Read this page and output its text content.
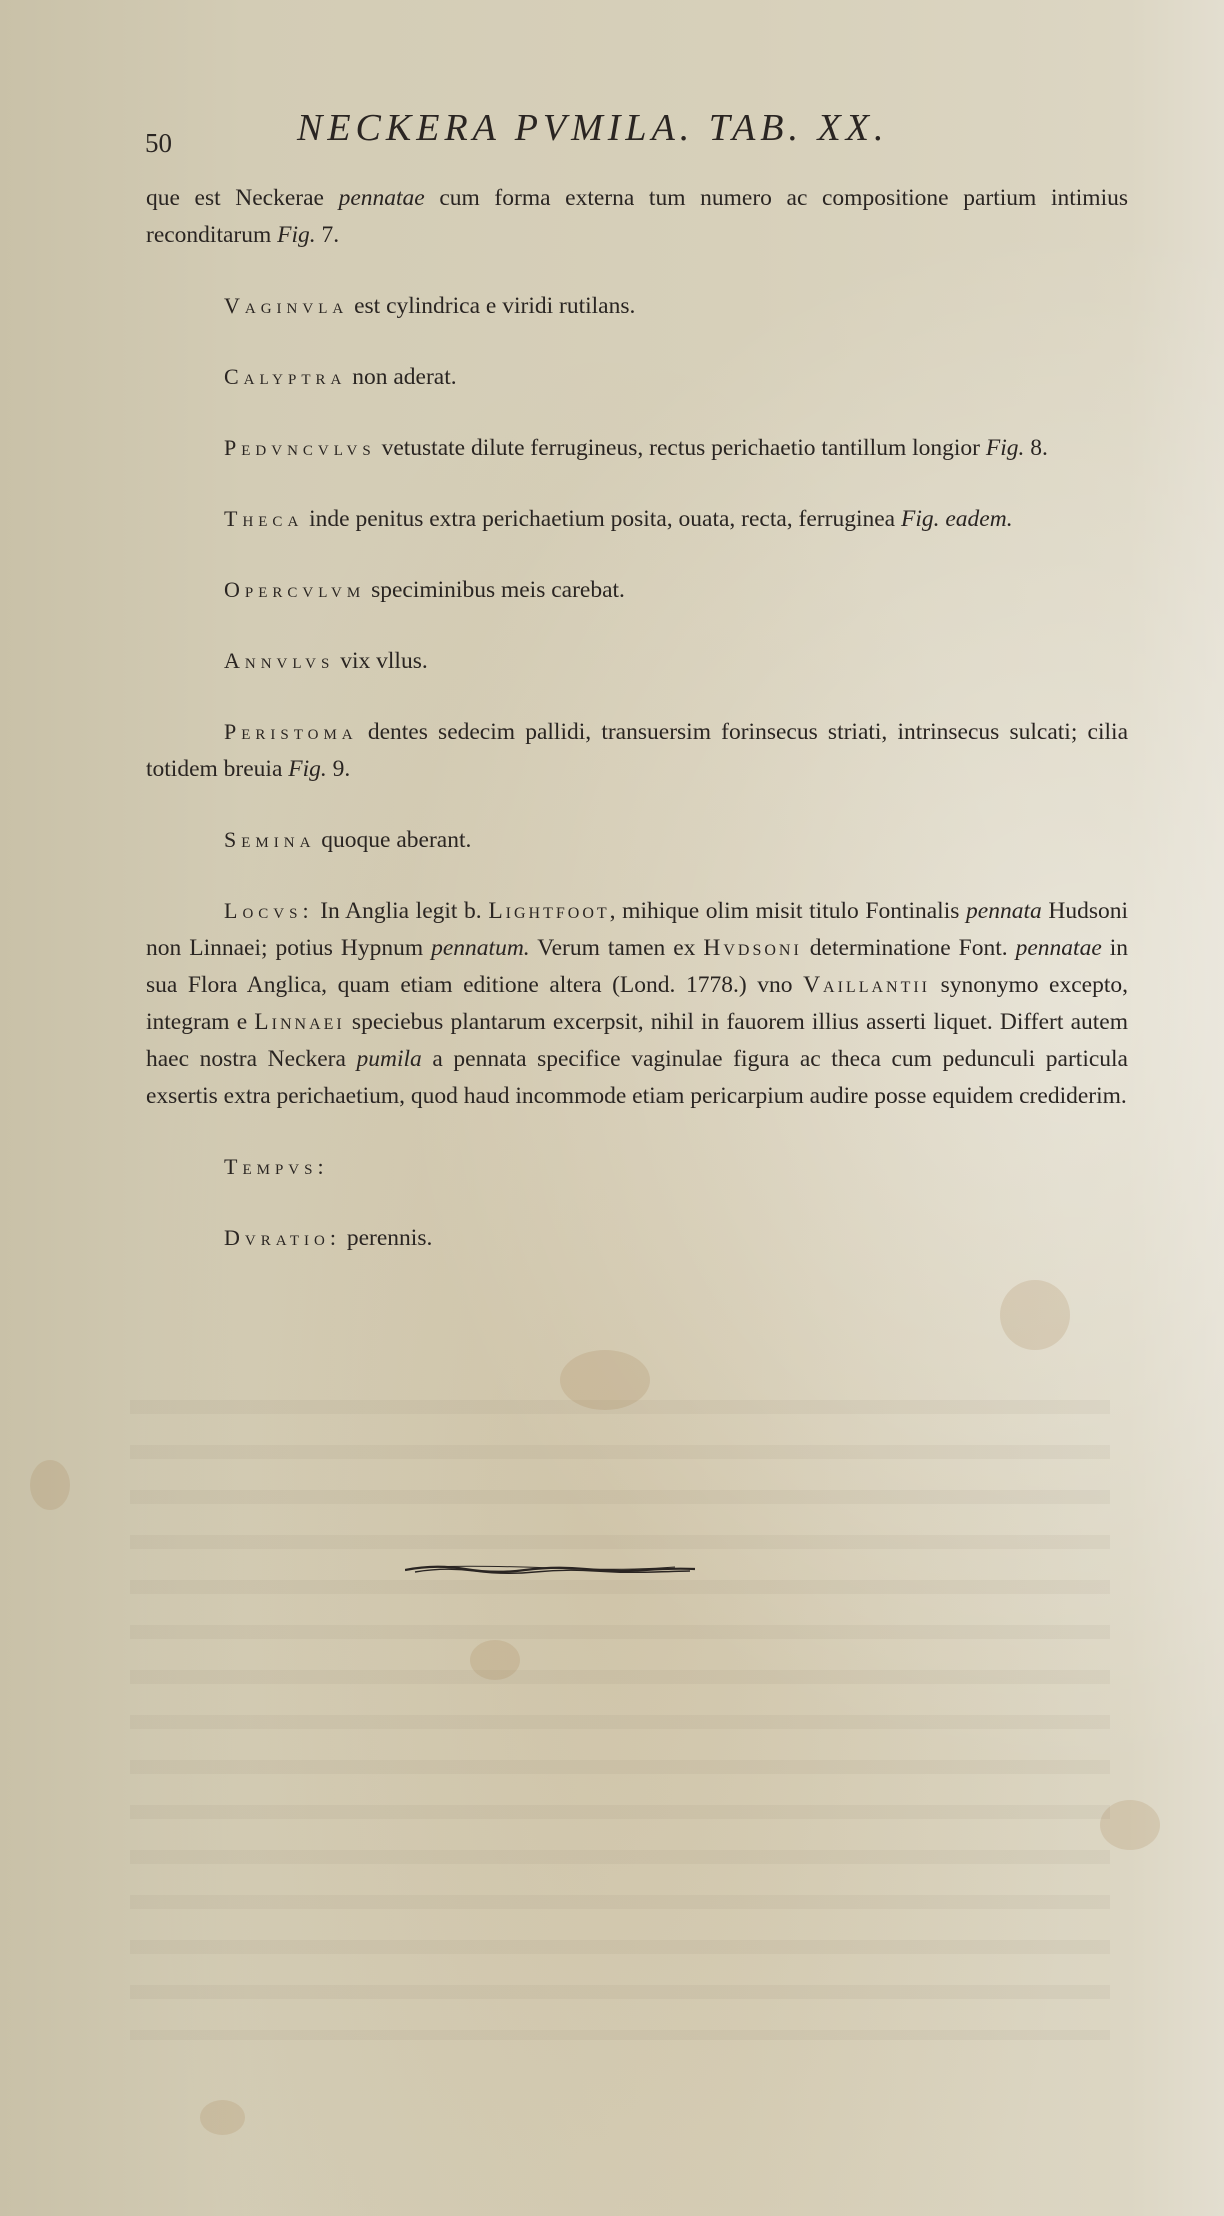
50	NECKERA PVMILA. TAB. XX.

que est Neckerae pennatae cum forma externa tum numero ac compositione partium intimius reconditarum Fig. 7.

Vaginvla est cylindrica e viridi rutilans.

Calyptra non aderat.

Pedvncvlvs vetustate dilute ferrugineus, rectus perichaetio tantillum longior Fig. 8.

Theca inde penitus extra perichaetium posita, ouata, recta, ferruginea Fig. eadem.

Opercvlvm speciminibus meis carebat.

Annvlvs vix vllus.

Peristoma dentes sedecim pallidi, transuersim forinsecus striati, intrinsecus sulcati; cilia totidem breuia Fig. 9.

Semina quoque aberant.

Locvs: In Anglia legit b. Lightfoot, mihique olim misit titulo Fontinalis pennata Hudsoni non Linnaei; potius Hypnum pennatum. Verum tamen ex Hvdsoni determinatione Font. pennatae in sua Flora Anglica, quam etiam editione altera (Lond. 1778.) vno Vaillantii synonymo excepto, integram e Linnaei speciebus plantarum excerpsit, nihil in fauorem illius asserti liquet. Differt autem haec nostra Neckera pumila a pennata specifice vaginulae figura ac theca cum pedunculi particula exsertis extra perichaetium, quod haud incommode etiam pericarpium audire posse equidem crediderim.

Tempvs:

Dvratio: perennis.
